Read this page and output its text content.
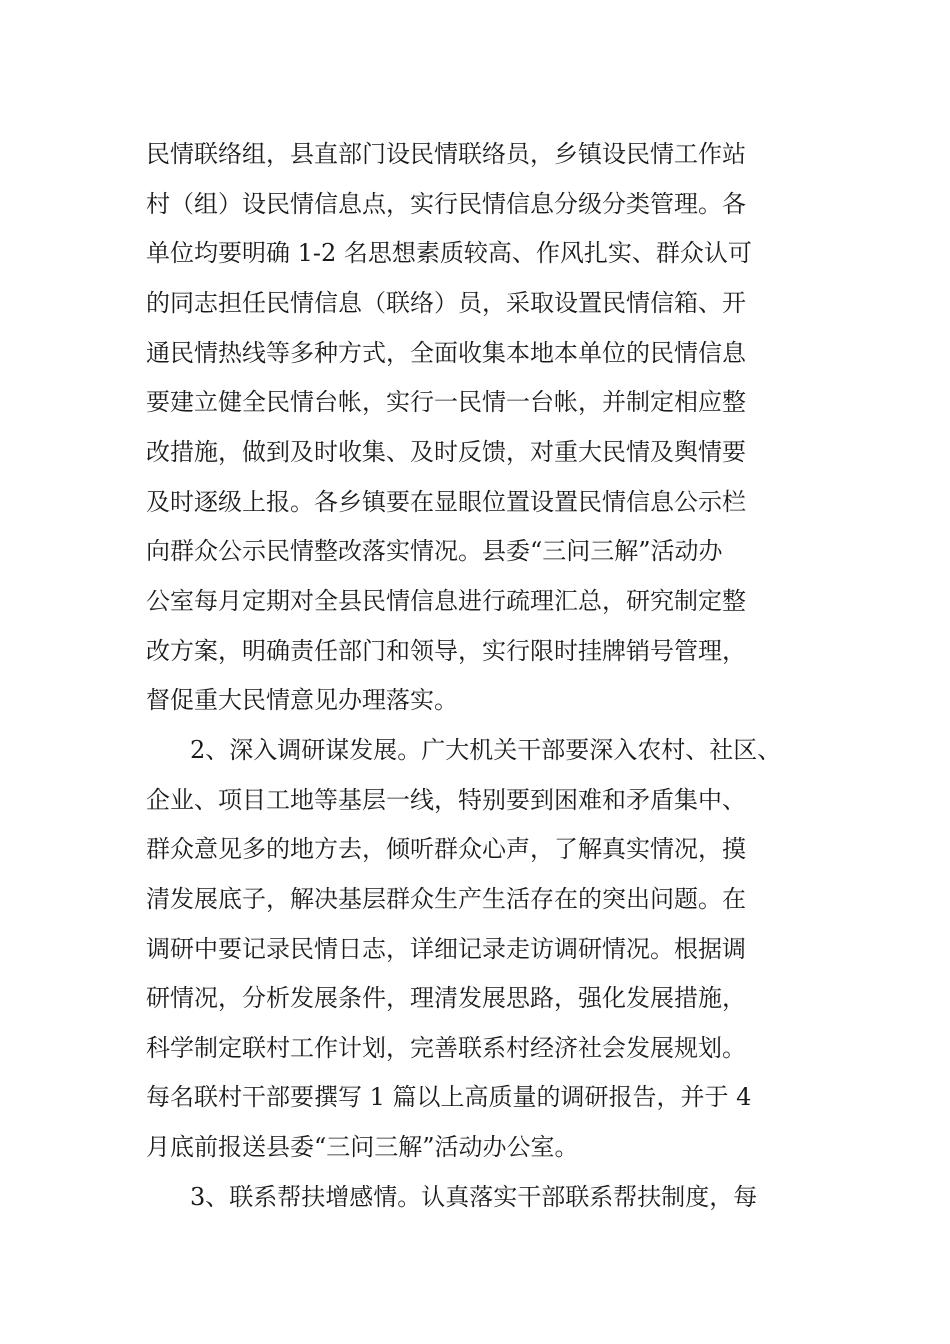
民情联络组，县直部门设民情联络员，乡镇设民情工作站
村（组）设民情信息点，实行民情信息分级分类管理。各
单位均要明确 1-2 名思想素质较高、作风扎实、群众认可
的同志担任民情信息（联络）员，采取设置民情信箱、开
通民情热线等多种方式，全面收集本地本单位的民情信息
要建立健全民情台帐，实行一民情一台帐，并制定相应整
改措施，做到及时收集、及时反馈，对重大民情及舆情要
及时逐级上报。各乡镇要在显眼位置设置民情信息公示栏
向群众公示民情整改落实情况。县委“三问三解”活动办
公室每月定期对全县民情信息进行疏理汇总，研究制定整
改方案，明确责任部门和领导，实行限时挂牌销号管理，
督促重大民情意见办理落实。
2、深入调研谋发展。广大机关干部要深入农村、社区、
企业、项目工地等基层一线，特别要到困难和矛盾集中、
群众意见多的地方去，倾听群众心声，了解真实情况，摸
清发展底子，解决基层群众生产生活存在的突出问题。在
调研中要记录民情日志，详细记录走访调研情况。根据调
研情况，分析发展条件，理清发展思路，强化发展措施，
科学制定联村工作计划，完善联系村经济社会发展规划。
每名联村干部要撰写 1 篇以上高质量的调研报告，并于 4
月底前报送县委“三问三解”活动办公室。
3、联系帮扶增感情。认真落实干部联系帮扶制度，每
